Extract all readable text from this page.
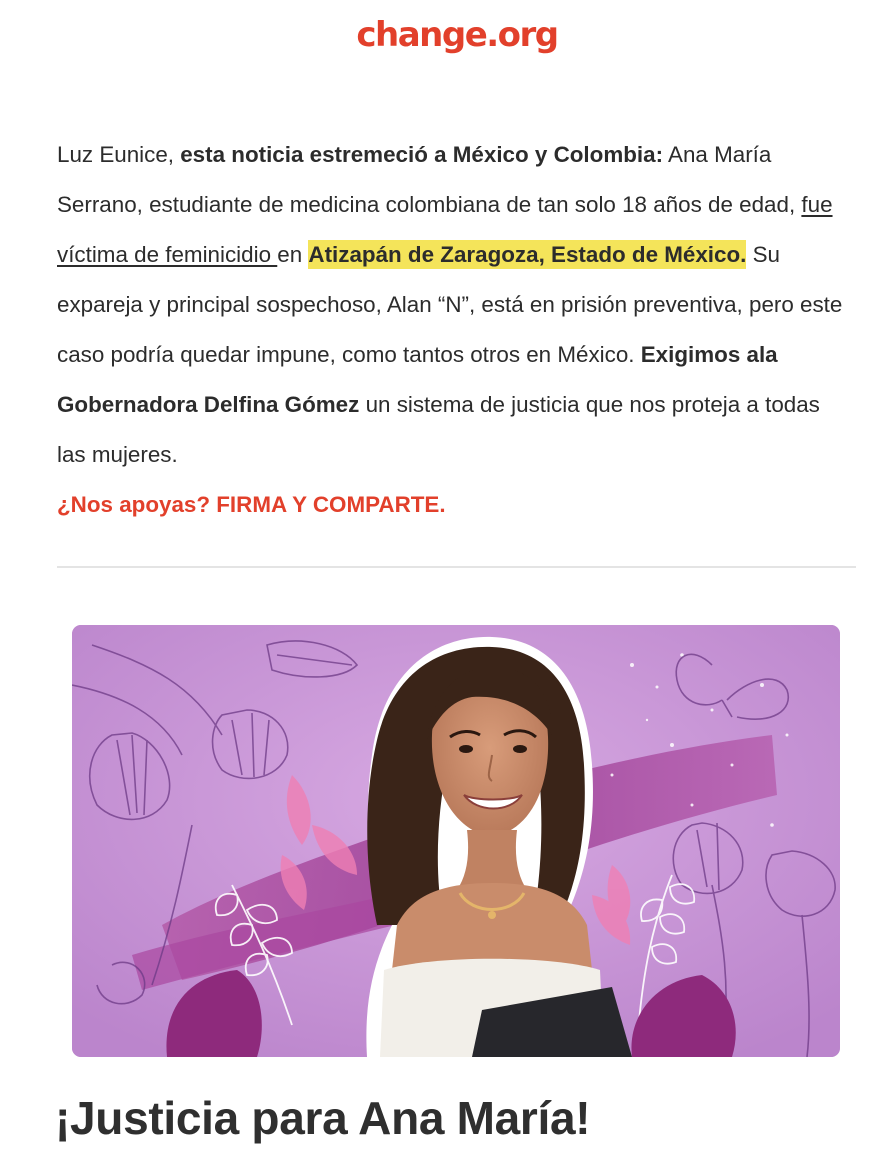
change.org
Luz Eunice, esta noticia estremeció a México y Colombia: Ana María Serrano, estudiante de medicina colombiana de tan solo 18 años de edad, fue víctima de feminicidio en Atizapán de Zaragoza, Estado de México. Su expareja y principal sospechoso, Alan “N”, está en prisión preventiva, pero este caso podría quedar impune, como tantos otros en México. Exigimos ala Gobernadora Delfina Gómez un sistema de justicia que nos proteja a todas las mujeres.
¿Nos apoyas? FIRMA Y COMPARTE.
¡Justicia para Ana María!
